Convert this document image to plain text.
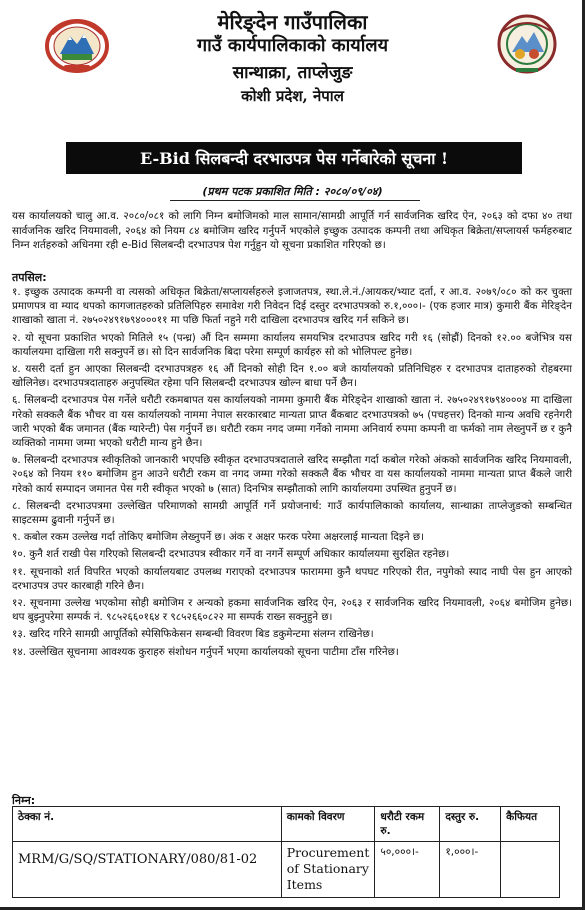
मेरिङ्देन गाउँपालिका
गाउँ कार्यपालिकाको कार्यालय
सान्थाक्रा, ताप्लेजुङ
कोशी प्रदेश, नेपाल
E-Bid सिलबन्दी दरभाउपत्र पेस गर्नेबारेको सूचना !
(प्रथम पटक प्रकाशित मिति : २०८०/०९/०४)

यस कार्यालयको चालु आ.व. २०८०/०८१ को लागि निम्न बमोजिमको माल सामान/सामग्री आपूर्ति गर्न सार्वजनिक खरिद ऐन, २०६३ को दफा ४० तथा सार्वजनिक खरिद नियमावली, २०६४ को नियम ८४ बमोजिम खरिद गर्नुपर्ने भएकोले इच्छुक उत्पादक कम्पनी तथा अधिकृत बिक्रेता/सप्लायर्स फर्महरुबाट निम्न शर्तहरुको अधिनमा रही e-Bid सिलबन्दी दरभाउपत्र पेश गर्नुहुन यो सूचना प्रकाशित गरिएको छ।

तपसिल:

१. इच्छुक उत्पादक कम्पनी वा त्यसको अधिकृत बिक्रेता/सप्लायर्सहरुले इजाजतपत्र, स्था.ले.नं./आयकर/भ्याट दर्ता, र आ.व. २०७९/०८० को कर चुक्ता प्रमाणपत्र वा म्याद थपको कागजातहरुको प्रतिलिपिहरु समावेश गरी निवेदन दिई दस्तुर दरभाउपत्रको रु.१,०००।- (एक हजार मात्र) कुमारी बैंक मेरिङ्देन शाखाको खाता नं. २७५०२४९१७९४०००११ मा पछि फिर्ता नहुने गरी दाखिला दरभाउपत्र खरिद गर्न सकिने छ।

२. यो सूचना प्रकाशित भएको मितिले १५ (पन्ध्र) औं दिन सम्ममा कार्यालय समयभित्र दरभाउपत्र खरिद गरी १६ (सोह्रौं) दिनको १२.०० बजेभित्र यस कार्यालयमा दाखिला गरी सक्नुपर्ने छ। सो दिन सार्वजनिक बिदा परेमा सम्पूर्ण कार्यहरु सो को भोलिपल्ट हुनेछ।

४. यसरी दर्ता हुन आएका सिलबन्दी दरभाउपत्रहरु १६ औं दिनको सोही दिन १.०० बजे कार्यालयको प्रतिनिधिहरु र दरभाउपत्र दाताहरुको रोहबरमा खोलिनेछ। दरभाउपत्रदाताहरु अनुपस्थित रहेमा पनि सिलबन्दी दरभाउपत्र खोल्न बाधा पर्ने छैन।

६. सिलबन्दी दरभाउपत्र पेस गर्नेले धरौटी रकमबापत यस कार्यालयको नाममा कुमारी बैंक मेरिङ्देन शाखाको खाता नं. २७५०२४९१७९४०००४ मा दाखिला गरेको सक्कलै बैंक भौचर वा यस कार्यालयको नाममा नेपाल सरकारबाट मान्यता प्राप्त बैंकबाट दरभाउपत्रको ७५ (पचहत्तर) दिनको मान्य अवधि रहनेगरी जारी भएको बैंक जमानत (बैंक ग्यारेन्टी) पेस गर्नुपर्ने छ। धरौटी रकम नगद जम्मा गर्नेको नाममा अनिवार्य रुपमा कम्पनी वा फर्मको नाम लेख्नुपर्ने छ र कुनै व्यक्तिको नाममा जम्मा भएको धरौटी मान्य हुने छैन।

७. सिलबन्दी दरभाउपत्र स्वीकृतिको जानकारी भएपछि स्वीकृत दरभाउपत्रदाताले खरिद सम्झौता गर्दा कबोल गरेको अंकको सार्वजनिक खरिद नियमावली, २०६४ को नियम ११० बमोजिम हुन आउने धरौटी रकम वा नगद जम्मा गरेको सक्कलै बैंक भौचर वा यस कार्यालयको नाममा मान्यता प्राप्त बैंकले जारी गरेको कार्य सम्पादन जमानत पेस गरी स्वीकृत भएको ७ (सात) दिनभित्र सम्झौताको लागि कार्यालयमा उपस्थित हुनुपर्ने छ।

८. सिलबन्दी दरभाउपत्रमा उल्लेखित परिमाणको सामग्री आपूर्ति गर्ने प्रयोजनार्थ: गाउँ कार्यपालिकाको कार्यालय, सान्थाक्रा ताप्लेजुङको सम्बन्धित साइटसम्म ढुवानी गर्नुपर्ने छ।

९. कबोल रकम उल्लेख गर्दा तोकिए बमोजिम लेख्नुपर्ने छ। अंक र अक्षर फरक परेमा अक्षरलाई मान्यता दिइने छ।

१०. कुनै शर्त राखी पेस गरिएको सिलबन्दी दरभाउपत्र स्वीकार गर्ने वा नगर्ने सम्पूर्ण अधिकार कार्यालयमा सुरक्षित रहनेछ।

११. सूचनाको शर्त विपरित भएको कार्यालयबाट उपलब्ध गराएको दरभाउपत्र फाराममा कुनै थपघट गरिएको रीत, नपुगेको स्याद नाघी पेस हुन आएको दरभाउपत्र उपर कारबाही गरिने छैन।

१२. सूचनामा उल्लेख भएकोमा सोही बमोजिम र अन्यको हकमा सार्वजनिक खरिद ऐन, २०६३ र सार्वजनिक खरिद नियमावली, २०६४ बमोजिम हुनेछ। थप बुझ्नुपरेमा सम्पर्क नं. ९८५२६६०१६४ र ९८५२६६०८२२ मा सम्पर्क राख्न सक्नुहुने छ।

१३. खरिद गरिने सामग्री आपूर्तिको स्पेसिफिकेसन सम्बन्धी विवरण बिड डकुमेन्टमा संलग्न राखिनेछ।

१४. उल्लेखित सूचनामा आवश्यक कुराहरु संशोधन गर्नुपर्ने भएमा कार्यालयको सूचना पाटीमा टाँस गरिनेछ।

निम्न:
ठेक्का नं.	कामको विवरण	धरौटी रकम रु.	दस्तुर रु.	कैफियत
MRM/G/SQ/STATIONARY/080/81-02	Procurement of Stationary Items	५०,०००।-	१,०००।-	
